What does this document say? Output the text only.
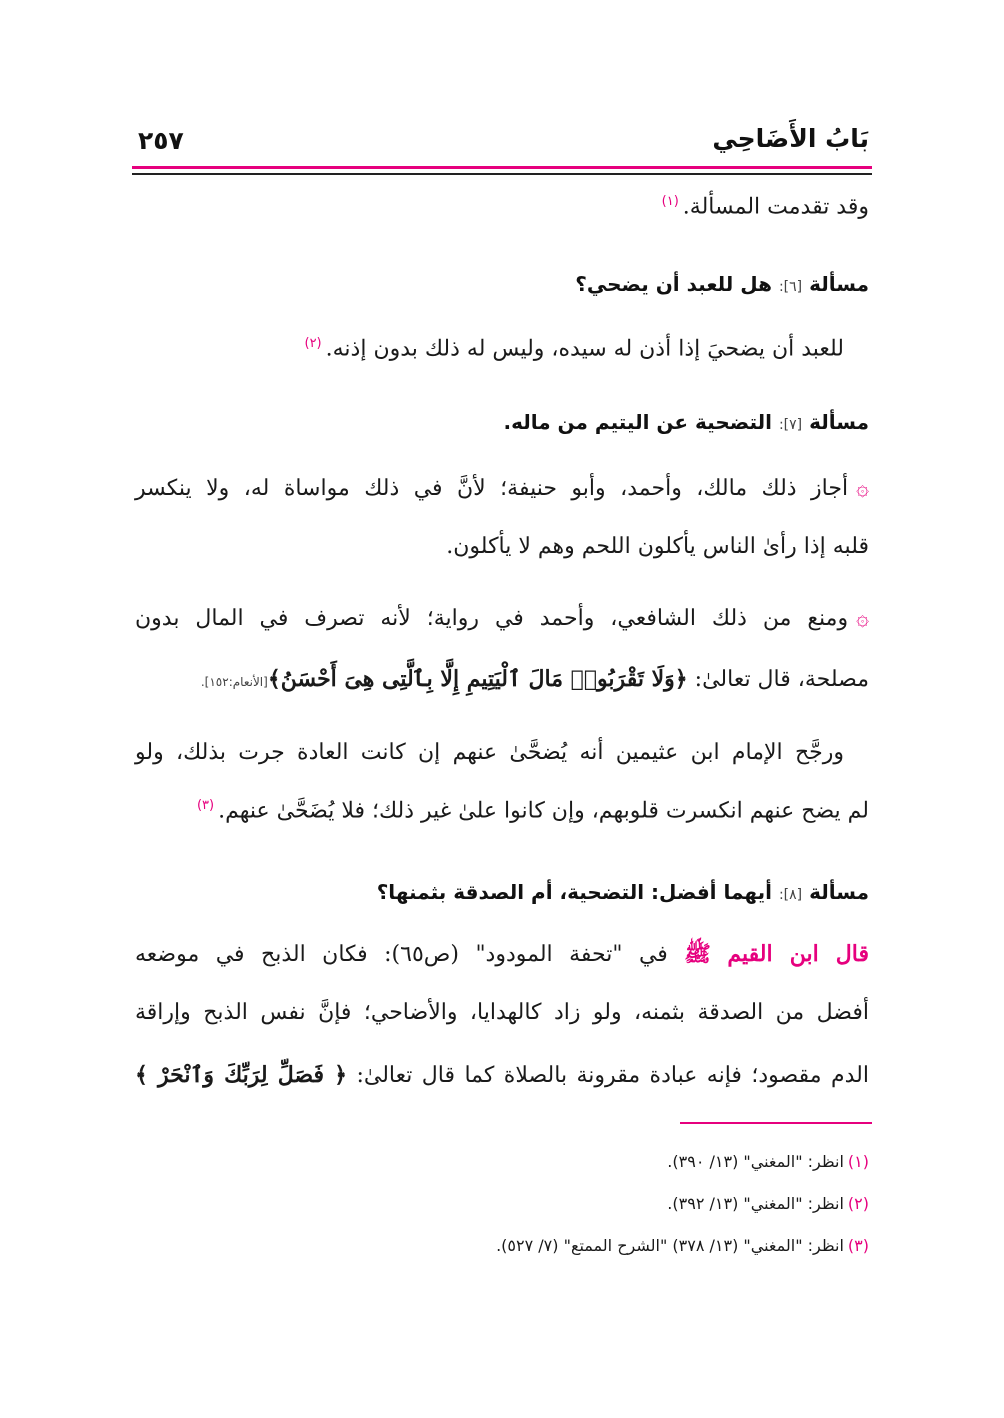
بَابُ الأَضَاحِي
٢٥٧
وقد تقدمت المسألة.$^{(١)}$
مسألة [٦]: هل للعبد أن يضحي؟
للعبد أن يضحيَ إذا أذن له سيده، وليس له ذلك بدون إذنه.$^{(٢)}$
مسألة [٧]: التضحية عن اليتيم من ماله.
۞أجاز ذلك مالك، وأحمد، وأبو حنيفة؛ لأنَّ في ذلك مواساة له، ولا ينكسر
قلبه إذا رأىٰ الناس يأكلون اللحم وهم لا يأكلون.
۞ومنع من ذلك الشافعي، وأحمد في رواية؛ لأنه تصرف في المال بدون
مصلحة، قال تعالىٰ: ﴿وَلَا تَقْرَبُوا۟ مَالَ ٱلْيَتِيمِ إِلَّا بِٱلَّتِى هِىَ أَحْسَنُ﴾[الأنعام:١٥٢].
ورجَّح الإمام ابن عثيمين أنه يُضحَّىٰ عنهم إن كانت العادة جرت بذلك، ولو
لم يضح عنهم انكسرت قلوبهم، وإن كانوا علىٰ غير ذلك؛ فلا يُضَحَّىٰ عنهم.$^{(٣)}$
مسألة [٨]: أيهما أفضل: التضحية، أم الصدقة بثمنها؟
قال ابن القيم ﷺ في "تحفة المودود" (ص٦٥): فكان الذبح في موضعه
أفضل من الصدقة بثمنه، ولو زاد كالهدايا، والأضاحي؛ فإنَّ نفس الذبح وإراقة
الدم مقصود؛ فإنه عبادة مقرونة بالصلاة كما قال تعالىٰ: ﴿ فَصَلِّ لِرَبِّكَ وَٱنْحَرْ ﴾
(١)انظر: "المغني" (١٣/ ٣٩٠).
(٢)انظر: "المغني" (١٣/ ٣٩٢).
(٣)انظر: "المغني" (١٣/ ٣٧٨) "الشرح الممتع" (٧/ ٥٢٧).
